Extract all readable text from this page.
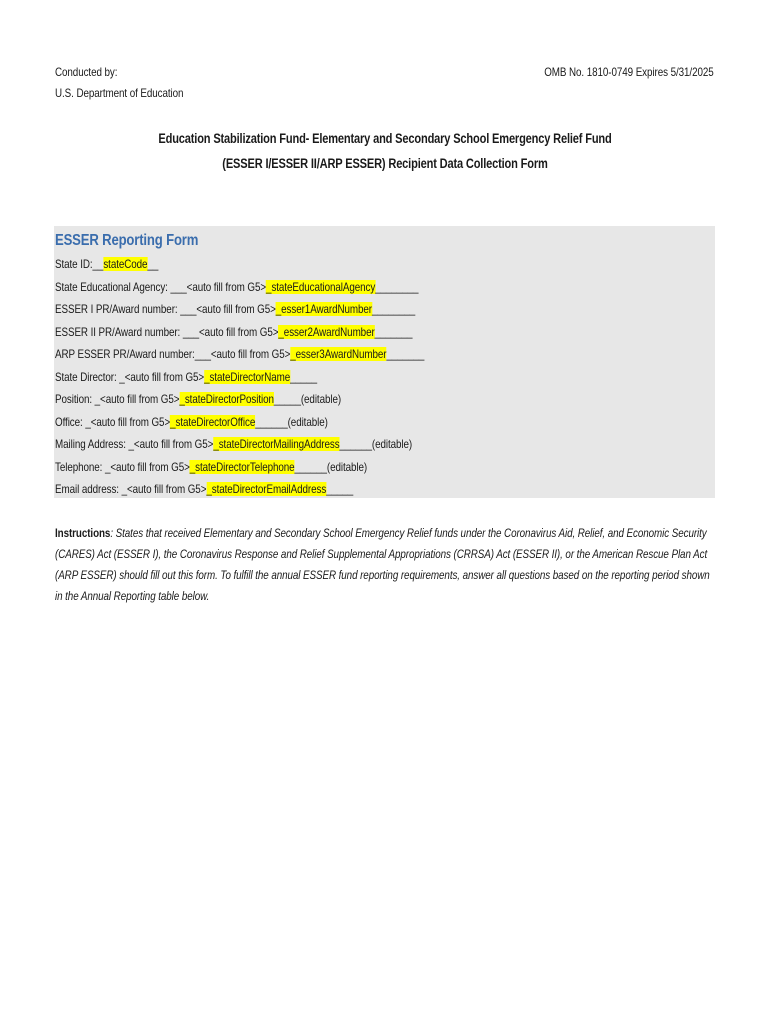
Conducted by:
U.S. Department of Education
OMB No. 1810-0749 Expires 5/31/2025
Education Stabilization Fund- Elementary and Secondary School Emergency Relief Fund
(ESSER I/ESSER II/ARP ESSER) Recipient Data Collection Form
ESSER Reporting Form
State ID:__stateCode__
State Educational Agency: ___<auto fill from G5>_stateEducationalAgency________
ESSER I PR/Award number: ___<auto fill from G5>_esser1AwardNumber________
ESSER II PR/Award number: ___<auto fill from G5>_esser2AwardNumber_______
ARP ESSER PR/Award number:___<auto fill from G5>_esser3AwardNumber_______
State Director: _<auto fill from G5>_stateDirectorName_____
Position: _<auto fill from G5>_stateDirectorPosition_____(editable)
Office: _<auto fill from G5>_stateDirectorOffice______(editable)
Mailing Address: _<auto fill from G5>_stateDirectorMailingAddress______(editable)
Telephone: _<auto fill from G5>_stateDirectorTelephone______(editable)
Email address: _<auto fill from G5>_stateDirectorEmailAddress_____
Instructions: States that received Elementary and Secondary School Emergency Relief funds under the Coronavirus Aid, Relief, and Economic Security (CARES) Act (ESSER I), the Coronavirus Response and Relief Supplemental Appropriations (CRRSA) Act (ESSER II), or the American Rescue Plan Act (ARP ESSER) should fill out this form. To fulfill the annual ESSER fund reporting requirements, answer all questions based on the reporting period shown in the Annual Reporting table below.
